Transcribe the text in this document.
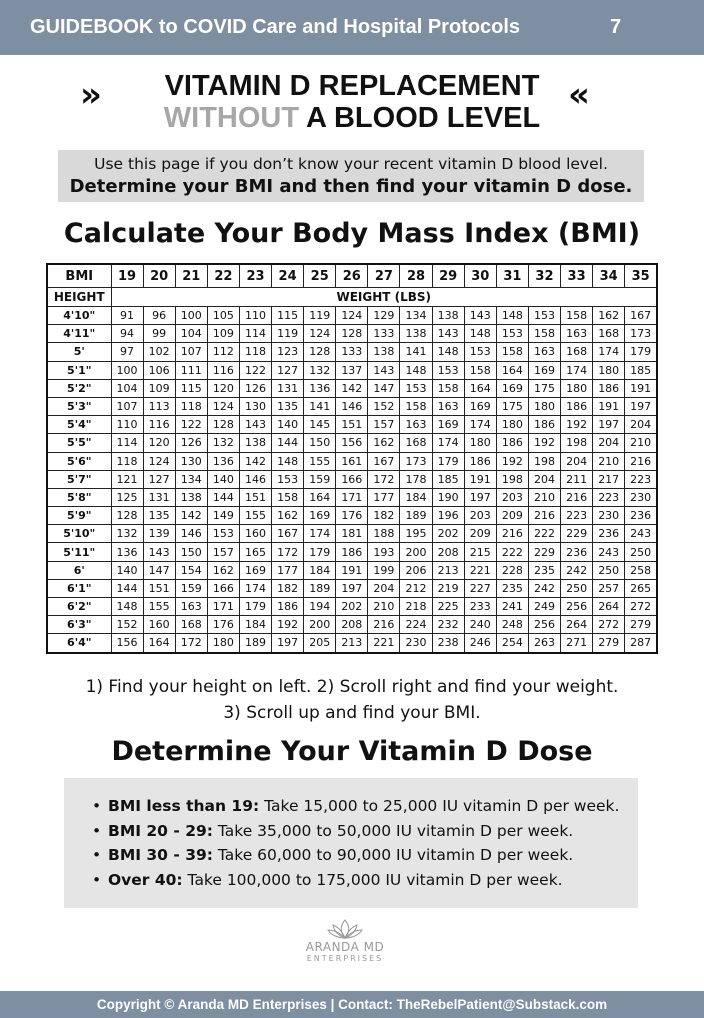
GUIDEBOOK to COVID Care and Hospital Protocols	7
»	VITAMIN D REPLACEMENT
WITHOUT A BLOOD LEVEL
«
Use this page if you don’t know your recent vitamin D blood level.
Determine your BMI and then find your vitamin D dose.
Calculate Your Body Mass Index (BMI)
BMI	19	20	21	22	23	24	25	26	27	28	29	30	31	32	33	34	35
HEIGHT	WEIGHT (LBS)																
4'10"	91	96	100	105	110	115	119	124	129	134	138	143	148	153	158	162	167
4'11"	94	99	104	109	114	119	124	128	133	138	143	148	153	158	163	168	173
5'	97	102	107	112	118	123	128	133	138	141	148	153	158	163	168	174	179
5'1"	100	106	111	116	122	127	132	137	143	148	153	158	164	169	174	180	185
5'2"	104	109	115	120	126	131	136	142	147	153	158	164	169	175	180	186	191
5'3"	107	113	118	124	130	135	141	146	152	158	163	169	175	180	186	191	197
5'4"	110	116	122	128	143	140	145	151	157	163	169	174	180	186	192	197	204
5'5"	114	120	126	132	138	144	150	156	162	168	174	180	186	192	198	204	210
5'6"	118	124	130	136	142	148	155	161	167	173	179	186	192	198	204	210	216
5'7"	121	127	134	140	146	153	159	166	172	178	185	191	198	204	211	217	223
5'8"	125	131	138	144	151	158	164	171	177	184	190	197	203	210	216	223	230
5'9"	128	135	142	149	155	162	169	176	182	189	196	203	209	216	223	230	236
5'10"	132	139	146	153	160	167	174	181	188	195	202	209	216	222	229	236	243
5'11"	136	143	150	157	165	172	179	186	193	200	208	215	222	229	236	243	250
6'	140	147	154	162	169	177	184	191	199	206	213	221	228	235	242	250	258
6'1"	144	151	159	166	174	182	189	197	204	212	219	227	235	242	250	257	265
6'2"	148	155	163	171	179	186	194	202	210	218	225	233	241	249	256	264	272
6'3"	152	160	168	176	184	192	200	208	216	224	232	240	248	256	264	272	279
6'4"	156	164	172	180	189	197	205	213	221	230	238	246	254	263	271	279	287
1) Find your height on left. 2) Scroll right and find your weight.
3) Scroll up and find your BMI.
Determine Your Vitamin D Dose
• BMI less than 19: Take 15,000 to 25,000 IU vitamin D per week.
• BMI 20 - 29: Take 35,000 to 50,000 IU vitamin D per week.
• BMI 30 - 39: Take 60,000 to 90,000 IU vitamin D per week.
• Over 40: Take 100,000 to 175,000 IU vitamin D per week.
ARANDA MD
ENTERPRISES
Copyright © Aranda MD Enterprises | Contact: TheRebelPatient@Substack.com
